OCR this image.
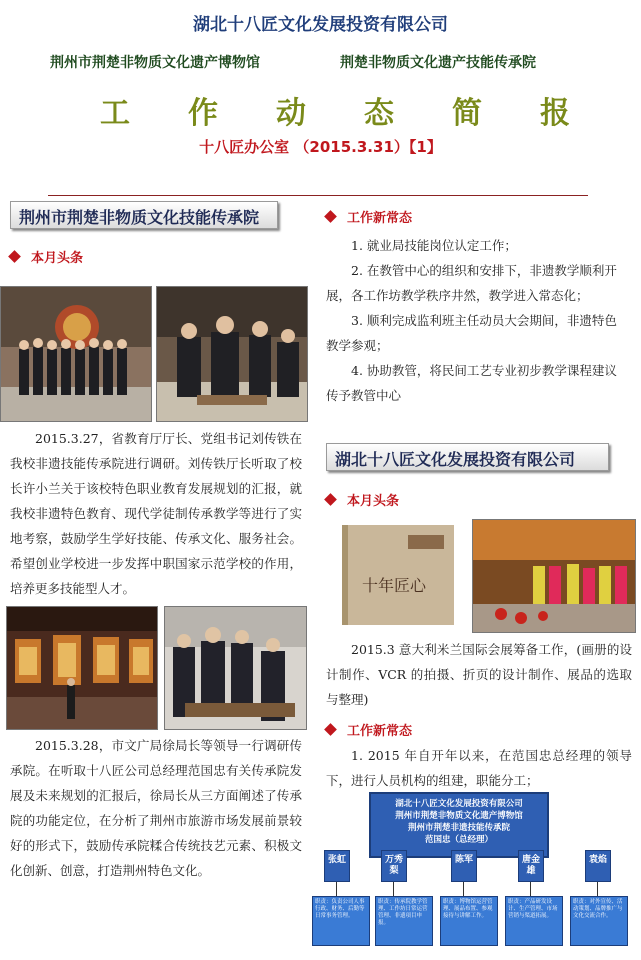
湖北十八匠文化发展投资有限公司
荆州市荆楚非物质文化遗产博物馆	荆楚非物质文化遗产技能传承院
工 作 动 态 简 报
十八匠办公室 （2015.3.31）【1】
荆州市荆楚非物质文化技能传承院
本月头条
2015.3.27，省教育厅厅长、党组书记刘传铁在我校非遗技能传承院进行调研。刘传铁厅长听取了校长许小兰关于该校特色职业教育发展规划的汇报，就我校非遗特色教育、现代学徒制传承教学等进行了实地考察，鼓励学生学好技能、传承文化、服务社会。希望创业学校进一步发挥中职国家示范学校的作用，培养更多技能型人才。
2015.3.28，市文广局徐局长等领导一行调研传承院。在听取十八匠公司总经理范国忠有关传承院发展及未来规划的汇报后，徐局长从三方面阐述了传承院的功能定位，在分析了荆州市旅游市场发展前景较好的形式下，鼓励传承院糅合传统技艺元素、积极文化创新、创意，打造荆州特色文化。
工作新常态
1. 就业局技能岗位认定工作；
2. 在教管中心的组织和安排下，非遗教学顺利开展，各工作坊教学秩序井然，教学进入常态化；
3. 顺利完成监利班主任动员大会期间，非遗特色教学参观；
4. 协助教管，将民间工艺专业初步教学课程建议传予教管中心
湖北十八匠文化发展投资有限公司
本月头条
十年匠心
2015.3 意大利米兰国际会展筹备工作，(画册的设计制作、VCR 的拍摄、折页的设计制作、展品的选取与整理)
工作新常态
1. 2015 年自开年以来，在范国忠总经理的领导下，进行人员机构的组建，职能分工；
湖北十八匠文化发展投资有限公司
荆州市荆楚非物质文化遗产博物馆
荆州市荆楚非遗技能传承院
范国忠（总经理）
张虹	万秀梨
陈军	唐金雄
袁焰
职责：负责公司人事行政、财务、后勤等日常事务管理。
职责：传承院教学管理、工作坊日常运营管理、非遗项目申报。
职责：博物馆运营管理、展品布置、参观接待与讲解工作。
职责：产品研发设计、生产管理、市场营销与渠道拓展。
职责：对外宣传、活动策划、品牌推广与文化交流合作。
